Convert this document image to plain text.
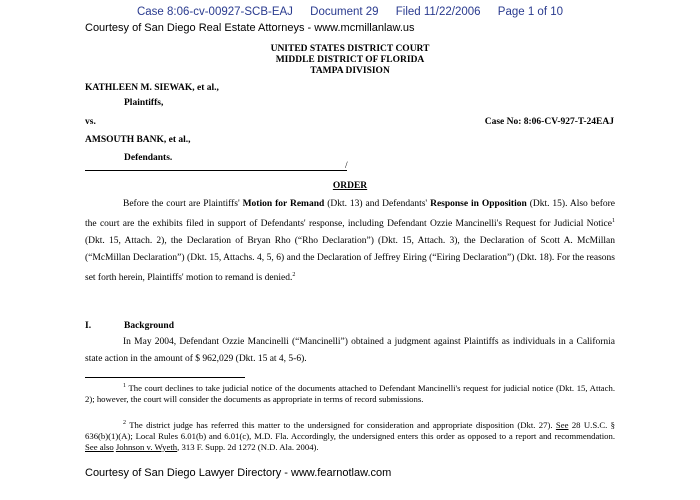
Case 8:06-cv-00927-SCB-EAJ Document 29 Filed 11/22/2006 Page 1 of 10
Courtesy of San Diego Real Estate Attorneys - www.mcmillanlaw.us
UNITED STATES DISTRICT COURT
MIDDLE DISTRICT OF FLORIDA
TAMPA DIVISION
KATHLEEN M. SIEWAK, et al.,
Plaintiffs,
vs.	Case No: 8:06-CV-927-T-24EAJ
AMSOUTH BANK, et al.,
Defendants.
/
ORDER
Before the court are Plaintiffs' Motion for Remand (Dkt. 13) and Defendants' Response in Opposition (Dkt. 15). Also before the court are the exhibits filed in support of Defendants' response, including Defendant Ozzie Mancinelli's Request for Judicial Notice$^1$ (Dkt. 15, Attach. 2), the Declaration of Bryan Rho (“Rho Declaration”) (Dkt. 15, Attach. 3), the Declaration of Scott A. McMillan (“McMillan Declaration”) (Dkt. 15, Attachs. 4, 5, 6) and the Declaration of Jeffrey Eiring (“Eiring Declaration”) (Dkt. 18). For the reasons set forth herein, Plaintiffs' motion to remand is denied.$^2$
I.	Background
In May 2004, Defendant Ozzie Mancinelli (“Mancinelli”) obtained a judgment against Plaintiffs as individuals in a California state action in the amount of $ 962,029 (Dkt. 15 at 4, 5-6).
$^1$ The court declines to take judicial notice of the documents attached to Defendant Mancinelli's request for judicial notice (Dkt. 15, Attach. 2); however, the court will consider the documents as appropriate in terms of record submissions.
$^2$ The district judge has referred this matter to the undersigned for consideration and appropriate disposition (Dkt. 27). See 28 U.S.C. § 636(b)(1)(A); Local Rules 6.01(b) and 6.01(c), M.D. Fla. Accordingly, the undersigned enters this order as opposed to a report and recommendation. See also Johnson v. Wyeth, 313 F. Supp. 2d 1272 (N.D. Ala. 2004).
Courtesy of San Diego Lawyer Directory - www.fearnotlaw.com
